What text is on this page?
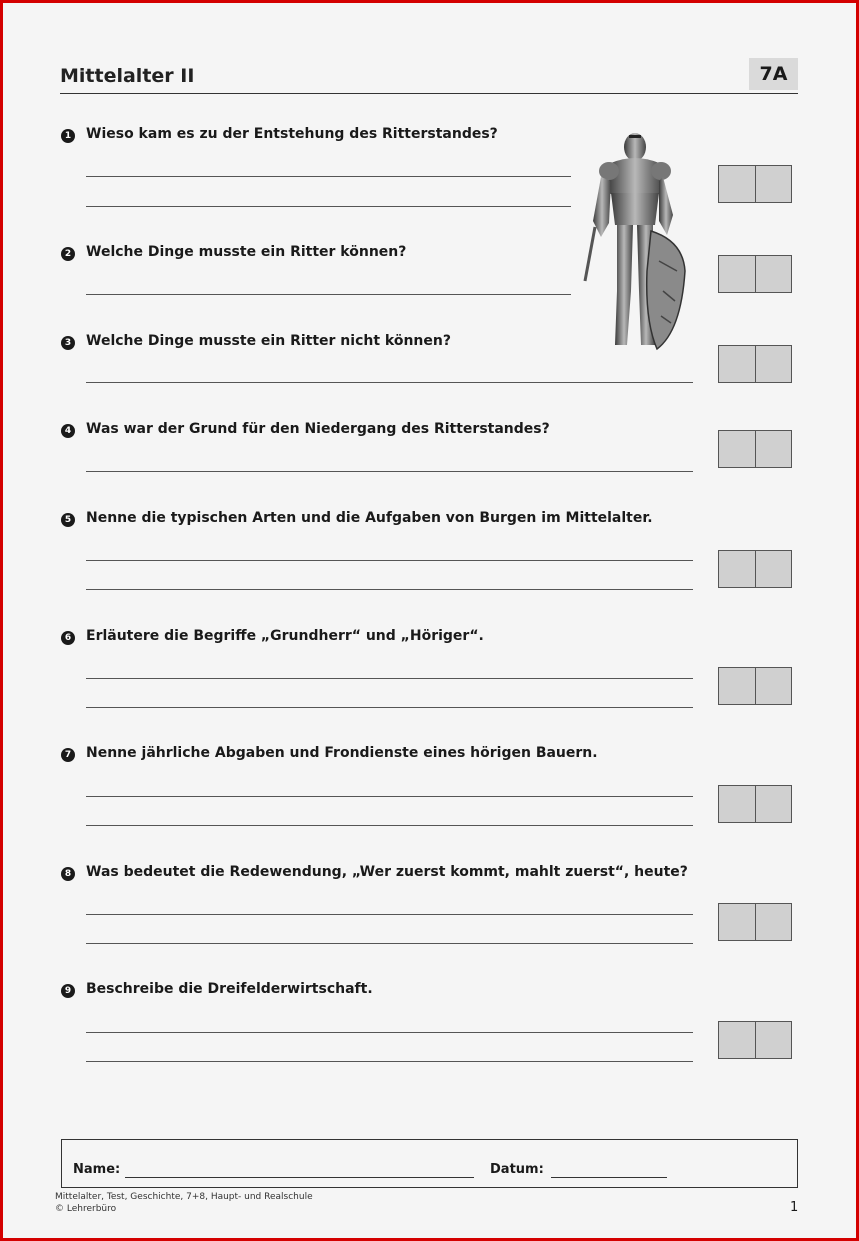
Mittelalter II	7A
1 Wieso kam es zu der Entstehung des Ritterstandes?
2 Welche Dinge musste ein Ritter können?
3 Welche Dinge musste ein Ritter nicht können?
4 Was war der Grund für den Niedergang des Ritterstandes?
5 Nenne die typischen Arten und die Aufgaben von Burgen im Mittelalter.
6 Erläutere die Begriffe „Grundherr“ und „Höriger“.
7 Nenne jährliche Abgaben und Frondienste eines hörigen Bauern.
8 Was bedeutet die Redewendung, „Wer zuerst kommt, mahlt zuerst“, heute?
9 Beschreibe die Dreifelderwirtschaft.
Name:	Datum:
Mittelalter, Test, Geschichte, 7+8, Haupt- und Realschule
© Lehrerbüro	1
